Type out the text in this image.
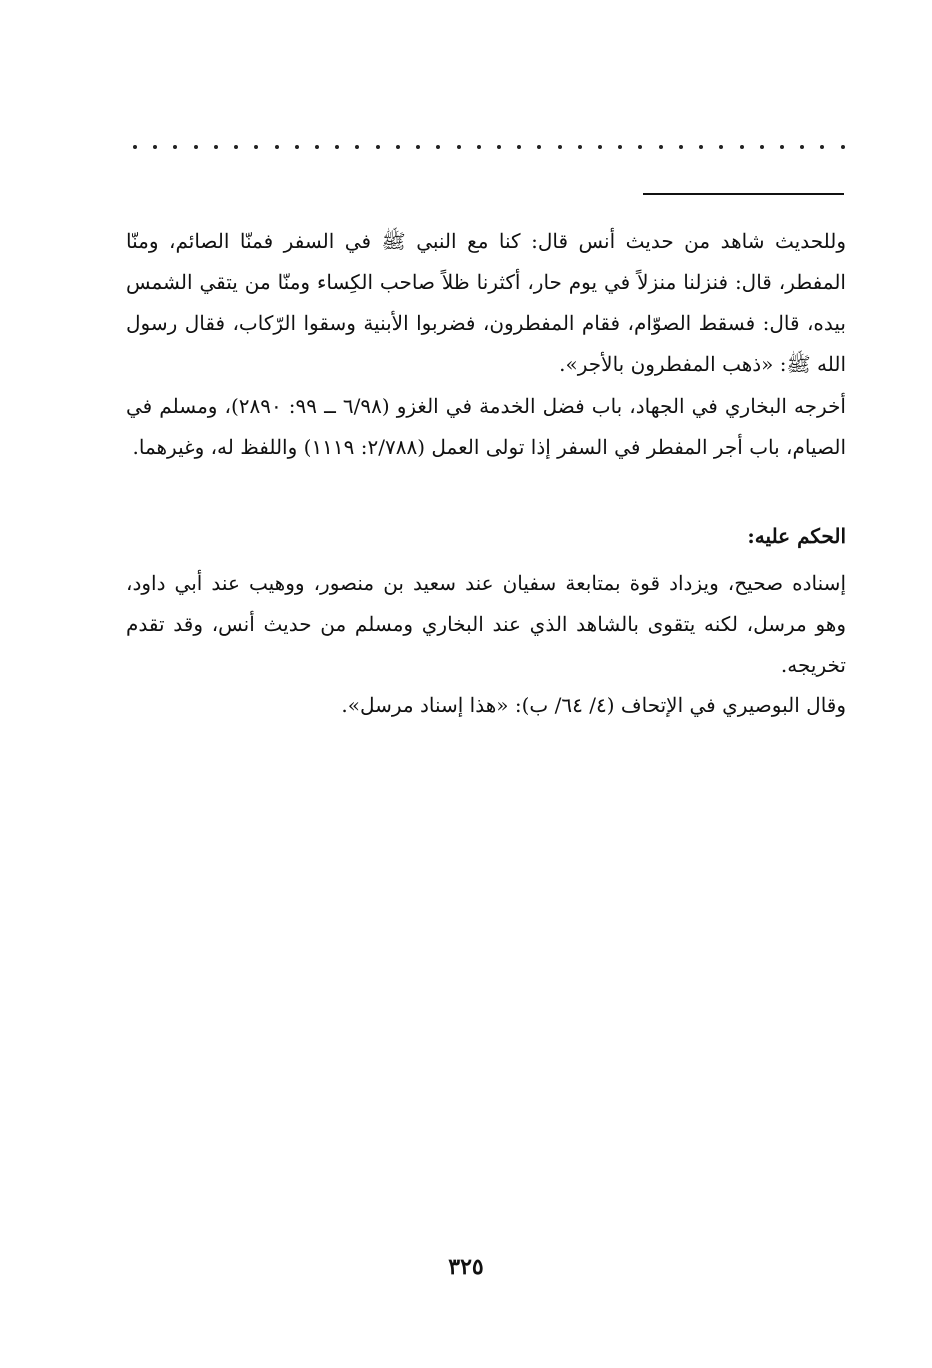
وللحديث شاهد من حديث أنس قال: كنا مع النبي ﷺ في السفر فمنّا الصائم، ومنّا المفطر، قال: فنزلنا منزلاً في يوم حار، أكثرنا ظلاً صاحب الكِساء ومنّا من يتقي الشمس بيده، قال: فسقط الصوّام، فقام المفطرون، فضربوا الأبنية وسقوا الرّكاب، فقال رسول الله ﷺ: «ذهب المفطرون بالأجر».
أخرجه البخاري في الجهاد، باب فضل الخدمة في الغزو (٦/٩٨ ــ ٩٩: ٢٨٩٠)، ومسلم في الصيام، باب أجر المفطر في السفر إذا تولى العمل (٢/٧٨٨: ١١١٩) واللفظ له، وغيرهما.
الحكم عليه:
إسناده صحيح، ويزداد قوة بمتابعة سفيان عند سعيد بن منصور، ووهيب عند أبي داود، وهو مرسل، لكنه يتقوى بالشاهد الذي عند البخاري ومسلم من حديث أنس، وقد تقدم تخريجه.
وقال البوصيري في الإتحاف (٤/ ٦٤/ ب): «هذا إسناد مرسل».
٣٢٥
